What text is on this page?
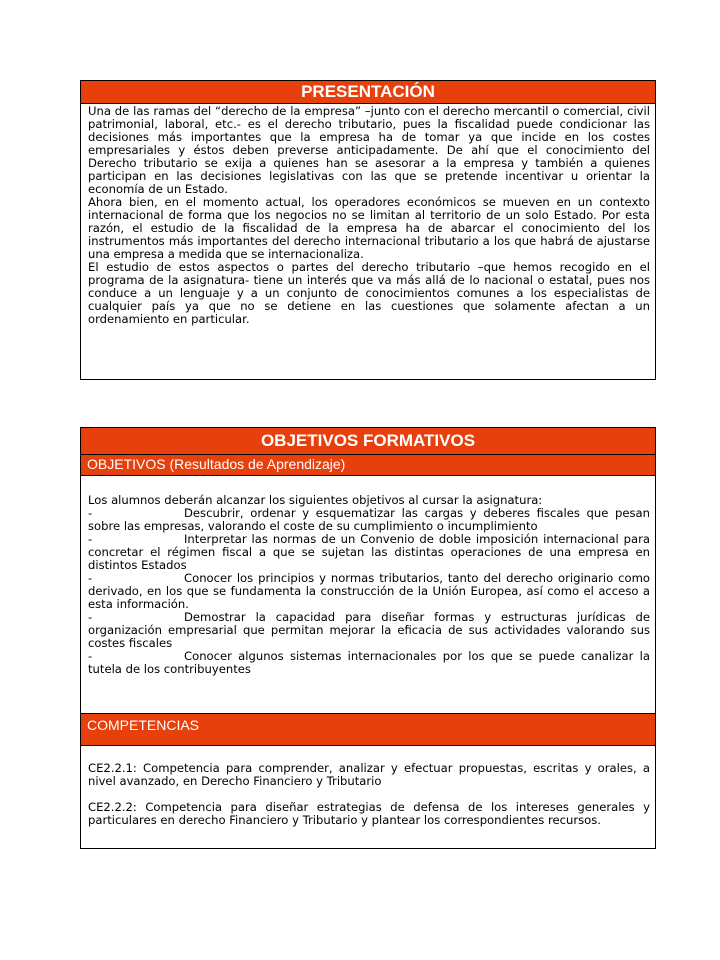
PRESENTACIÓN

Una de las ramas del “derecho de la empresa” –junto con el derecho mercantil o comercial, civil patrimonial, laboral, etc.- es el derecho tributario, pues la fiscalidad puede condicionar las decisiones más importantes que la empresa ha de tomar ya que incide en los costes empresariales y éstos deben preverse anticipadamente. De ahí que el conocimiento del Derecho tributario se exija a quienes han se asesorar a la empresa y también a quienes participan en las decisiones legislativas con las que se pretende incentivar u orientar la economía de un Estado.

Ahora bien, en el momento actual, los operadores económicos se mueven en un contexto internacional de forma que los negocios no se limitan al territorio de un solo Estado. Por esta razón, el estudio de la fiscalidad de la empresa ha de abarcar el conocimiento del los instrumentos más importantes del derecho internacional tributario a los que habrá de ajustarse una empresa a medida que se internacionaliza.

El estudio de estos aspectos o partes del derecho tributario –que hemos recogido en el programa de la asignatura- tiene un interés que va más allá de lo nacional o estatal, pues nos conduce a un lenguaje y a un conjunto de conocimientos comunes a los especialistas de cualquier país ya que no se detiene en las cuestiones que solamente afectan a un ordenamiento en particular.

OBJETIVOS FORMATIVOS
OBJETIVOS (Resultados de Aprendizaje)

Los alumnos deberán alcanzar los siguientes objetivos al cursar la asignatura:

-	Descubrir, ordenar y esquematizar las cargas y deberes fiscales que pesan sobre las empresas, valorando el coste de su cumplimiento o incumplimiento
-	Interpretar las normas de un Convenio de doble imposición internacional para concretar el régimen fiscal a que se sujetan las distintas operaciones de una empresa en distintos Estados
-	Conocer los principios y normas tributarios, tanto del derecho originario como derivado, en los que se fundamenta la construcción de la Unión Europea, así como el acceso a esta información.
-	Demostrar la capacidad para diseñar formas y estructuras jurídicas de organización empresarial que permitan mejorar la eficacia de sus actividades valorando sus costes fiscales
-	Conocer algunos sistemas internacionales por los que se puede canalizar la tutela de los contribuyentes
COMPETENCIAS

CE2.2.1: Competencia para comprender, analizar y efectuar propuestas, escritas y orales, a nivel avanzado, en Derecho Financiero y Tributario

CE2.2.2: Competencia para diseñar estrategias de defensa de los intereses generales y particulares en derecho Financiero y Tributario y plantear los correspondientes recursos.
